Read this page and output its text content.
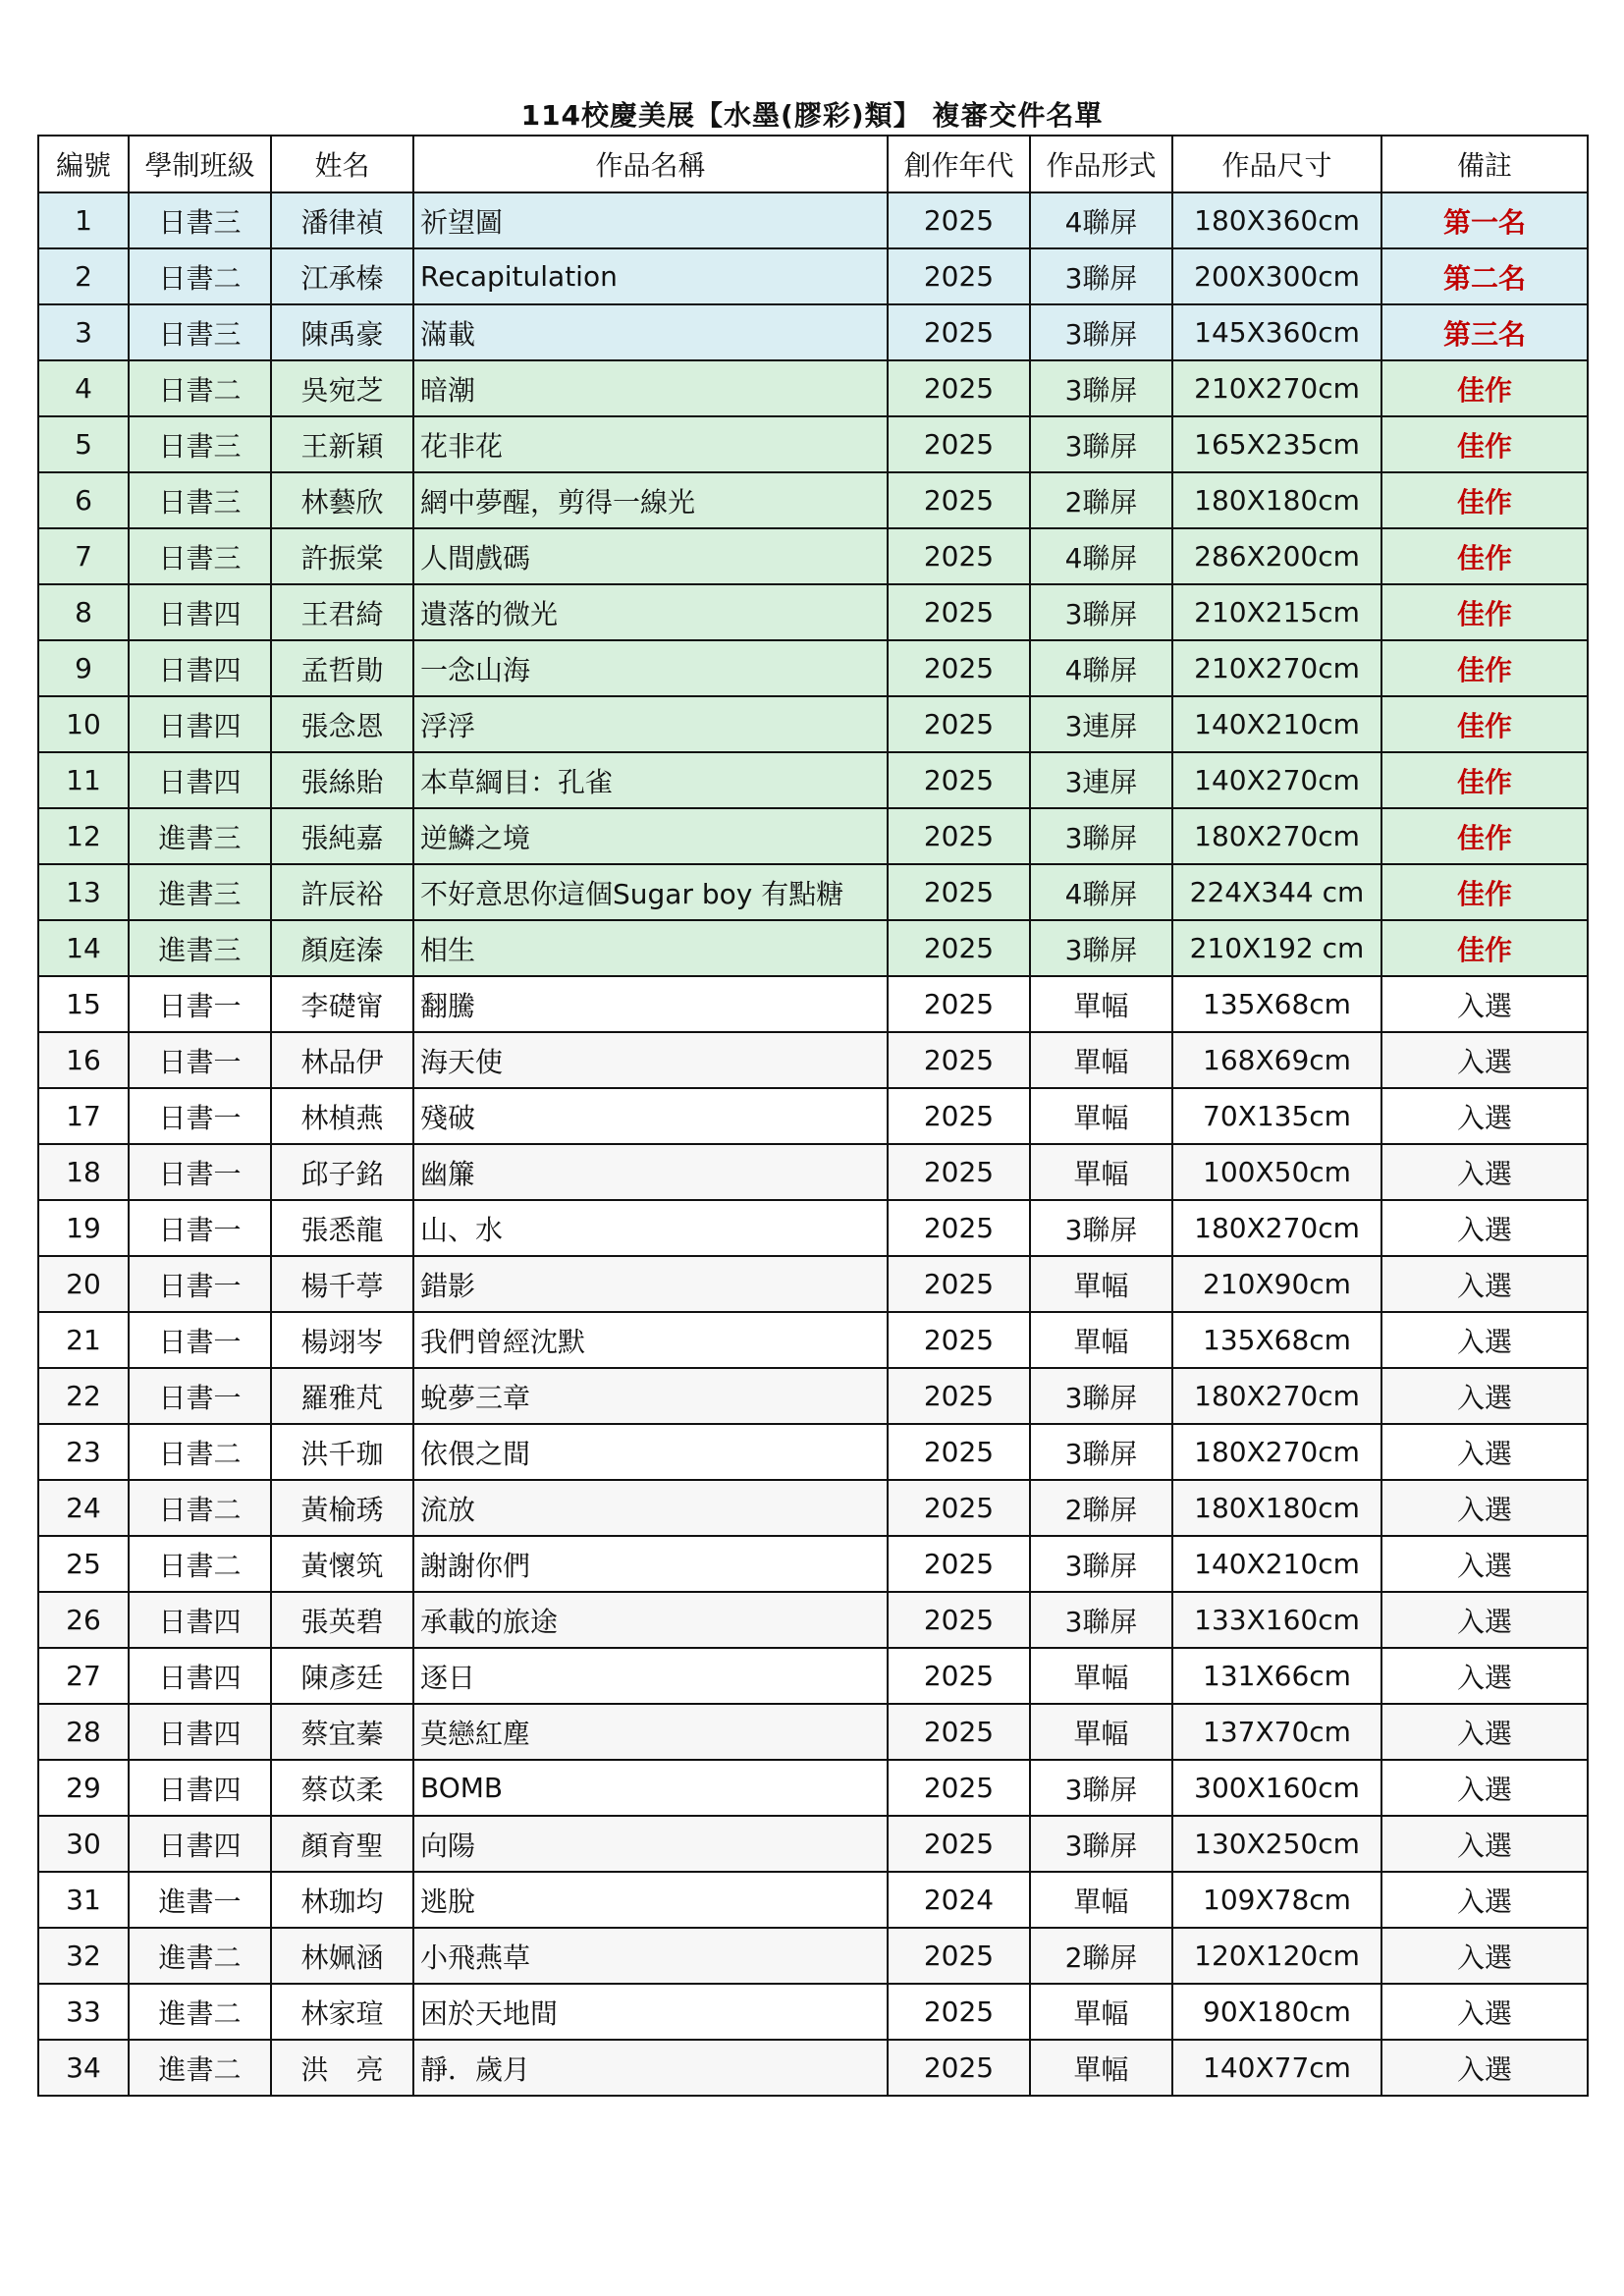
114校慶美展【水墨(膠彩)類】 複審交件名單
編號	學制班級	姓名	作品名稱	創作年代	作品形式	作品尺寸	備註
1	日書三	潘律禎	祈望圖	2025	4聯屏	180X360cm	第一名
2	日書二	江承榛	Recapitulation	2025	3聯屏	200X300cm	第二名
3	日書三	陳禹豪	滿載	2025	3聯屏	145X360cm	第三名
4	日書二	吳宛芝	暗潮	2025	3聯屏	210X270cm	佳作
5	日書三	王新穎	花非花	2025	3聯屏	165X235cm	佳作
6	日書三	林藝欣	網中夢醒，剪得一線光	2025	2聯屏	180X180cm	佳作
7	日書三	許振棠	人間戲碼	2025	4聯屏	286X200cm	佳作
8	日書四	王君綺	遺落的微光	2025	3聯屏	210X215cm	佳作
9	日書四	孟哲勛	一念山海	2025	4聯屏	210X270cm	佳作
10	日書四	張念恩	浮浮	2025	3連屏	140X210cm	佳作
11	日書四	張絲貽	本草綱目：孔雀	2025	3連屏	140X270cm	佳作
12	進書三	張純嘉	逆鱗之境	2025	3聯屏	180X270cm	佳作
13	進書三	許辰裕	不好意思你這個Sugar boy 有點糖	2025	4聯屏	224X344 cm	佳作
14	進書三	顏庭溱	相生	2025	3聯屏	210X192 cm	佳作
15	日書一	李礎甯	翻騰	2025	單幅	135X68cm	入選
16	日書一	林品伊	海天使	2025	單幅	168X69cm	入選
17	日書一	林楨燕	殘破	2025	單幅	70X135cm	入選
18	日書一	邱子銘	幽簾	2025	單幅	100X50cm	入選
19	日書一	張悉龍	山、水	2025	3聯屏	180X270cm	入選
20	日書一	楊千葶	錯影	2025	單幅	210X90cm	入選
21	日書一	楊翊岑	我們曾經沈默	2025	單幅	135X68cm	入選
22	日書一	羅雅芃	蛻夢三章	2025	3聯屏	180X270cm	入選
23	日書二	洪千珈	依偎之間	2025	3聯屏	180X270cm	入選
24	日書二	黃榆琇	流放	2025	2聯屏	180X180cm	入選
25	日書二	黃懷筑	謝謝你們	2025	3聯屏	140X210cm	入選
26	日書四	張英碧	承載的旅途	2025	3聯屏	133X160cm	入選
27	日書四	陳彥廷	逐日	2025	單幅	131X66cm	入選
28	日書四	蔡宜蓁	莫戀紅塵	2025	單幅	137X70cm	入選
29	日書四	蔡苡柔	BOMB	2025	3聯屏	300X160cm	入選
30	日書四	顏育聖	向陽	2025	3聯屏	130X250cm	入選
31	進書一	林珈均	逃脫	2024	單幅	109X78cm	入選
32	進書二	林姵涵	小飛燕草	2025	2聯屏	120X120cm	入選
33	進書二	林家瑄	困於天地間	2025	單幅	90X180cm	入選
34	進書二	洪　亮	靜．歲月	2025	單幅	140X77cm	入選
